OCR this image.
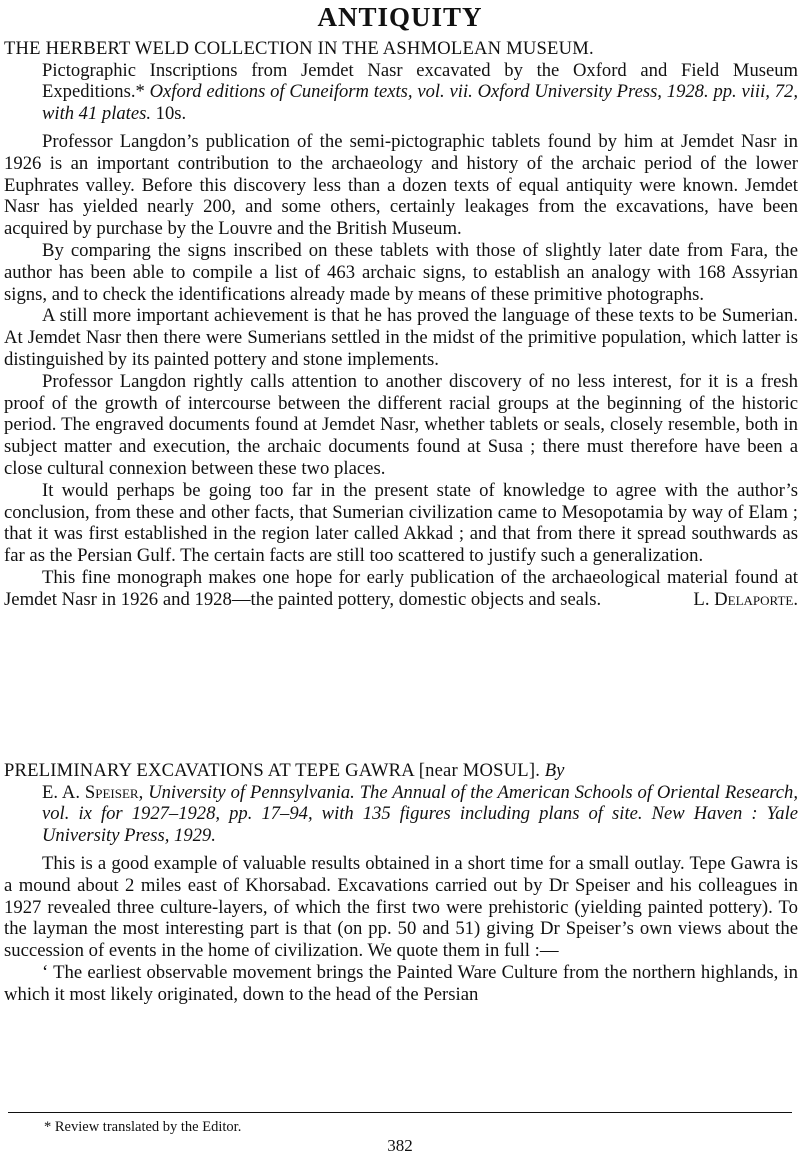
ANTIQUITY

THE HERBERT WELD COLLECTION IN THE ASHMOLEAN MUSEUM.
Pictographic Inscriptions from Jemdet Nasr excavated by the Oxford and Field Museum Expeditions.* Oxford editions of Cuneiform texts, vol. vii. Oxford University Press, 1928. pp. viii, 72, with 41 plates. 10s.

Professor Langdon’s publication of the semi-pictographic tablets found by him at Jemdet Nasr in 1926 is an important contribution to the archaeology and history of the archaic period of the lower Euphrates valley. Before this discovery less than a dozen texts of equal antiquity were known. Jemdet Nasr has yielded nearly 200, and some others, certainly leakages from the excavations, have been acquired by purchase by the Louvre and the British Museum.

By comparing the signs inscribed on these tablets with those of slightly later date from Fara, the author has been able to compile a list of 463 archaic signs, to establish an analogy with 168 Assyrian signs, and to check the identifications already made by means of these primitive photographs.

A still more important achievement is that he has proved the language of these texts to be Sumerian. At Jemdet Nasr then there were Sumerians settled in the midst of the primitive population, which latter is distinguished by its painted pottery and stone implements.

Professor Langdon rightly calls attention to another discovery of no less interest, for it is a fresh proof of the growth of intercourse between the different racial groups at the beginning of the historic period. The engraved documents found at Jemdet Nasr, whether tablets or seals, closely resemble, both in subject matter and execution, the archaic documents found at Susa ; there must therefore have been a close cultural connexion between these two places.

It would perhaps be going too far in the present state of knowledge to agree with the author’s conclusion, from these and other facts, that Sumerian civilization came to Mesopotamia by way of Elam ; that it was first established in the region later called Akkad ; and that from there it spread southwards as far as the Persian Gulf. The certain facts are still too scattered to justify such a generalization.

This fine monograph makes one hope for early publication of the archaeological material found at Jemdet Nasr in 1926 and 1928—the painted pottery, domestic objects and seals.	L. Delaporte.

PRELIMINARY EXCAVATIONS AT TEPE GAWRA [near MOSUL]. By
E. A. Speiser, University of Pennsylvania. The Annual of the American Schools of Oriental Research, vol. ix for 1927–1928, pp. 17–94, with 135 figures including plans of site. New Haven : Yale University Press, 1929.

This is a good example of valuable results obtained in a short time for a small outlay. Tepe Gawra is a mound about 2 miles east of Khorsabad. Excavations carried out by Dr Speiser and his colleagues in 1927 revealed three culture-layers, of which the first two were prehistoric (yielding painted pottery). To the layman the most interesting part is that (on pp. 50 and 51) giving Dr Speiser’s own views about the succession of events in the home of civilization. We quote them in full :—

‘ The earliest observable movement brings the Painted Ware Culture from the northern highlands, in which it most likely originated, down to the head of the Persian

* Review translated by the Editor.
382
